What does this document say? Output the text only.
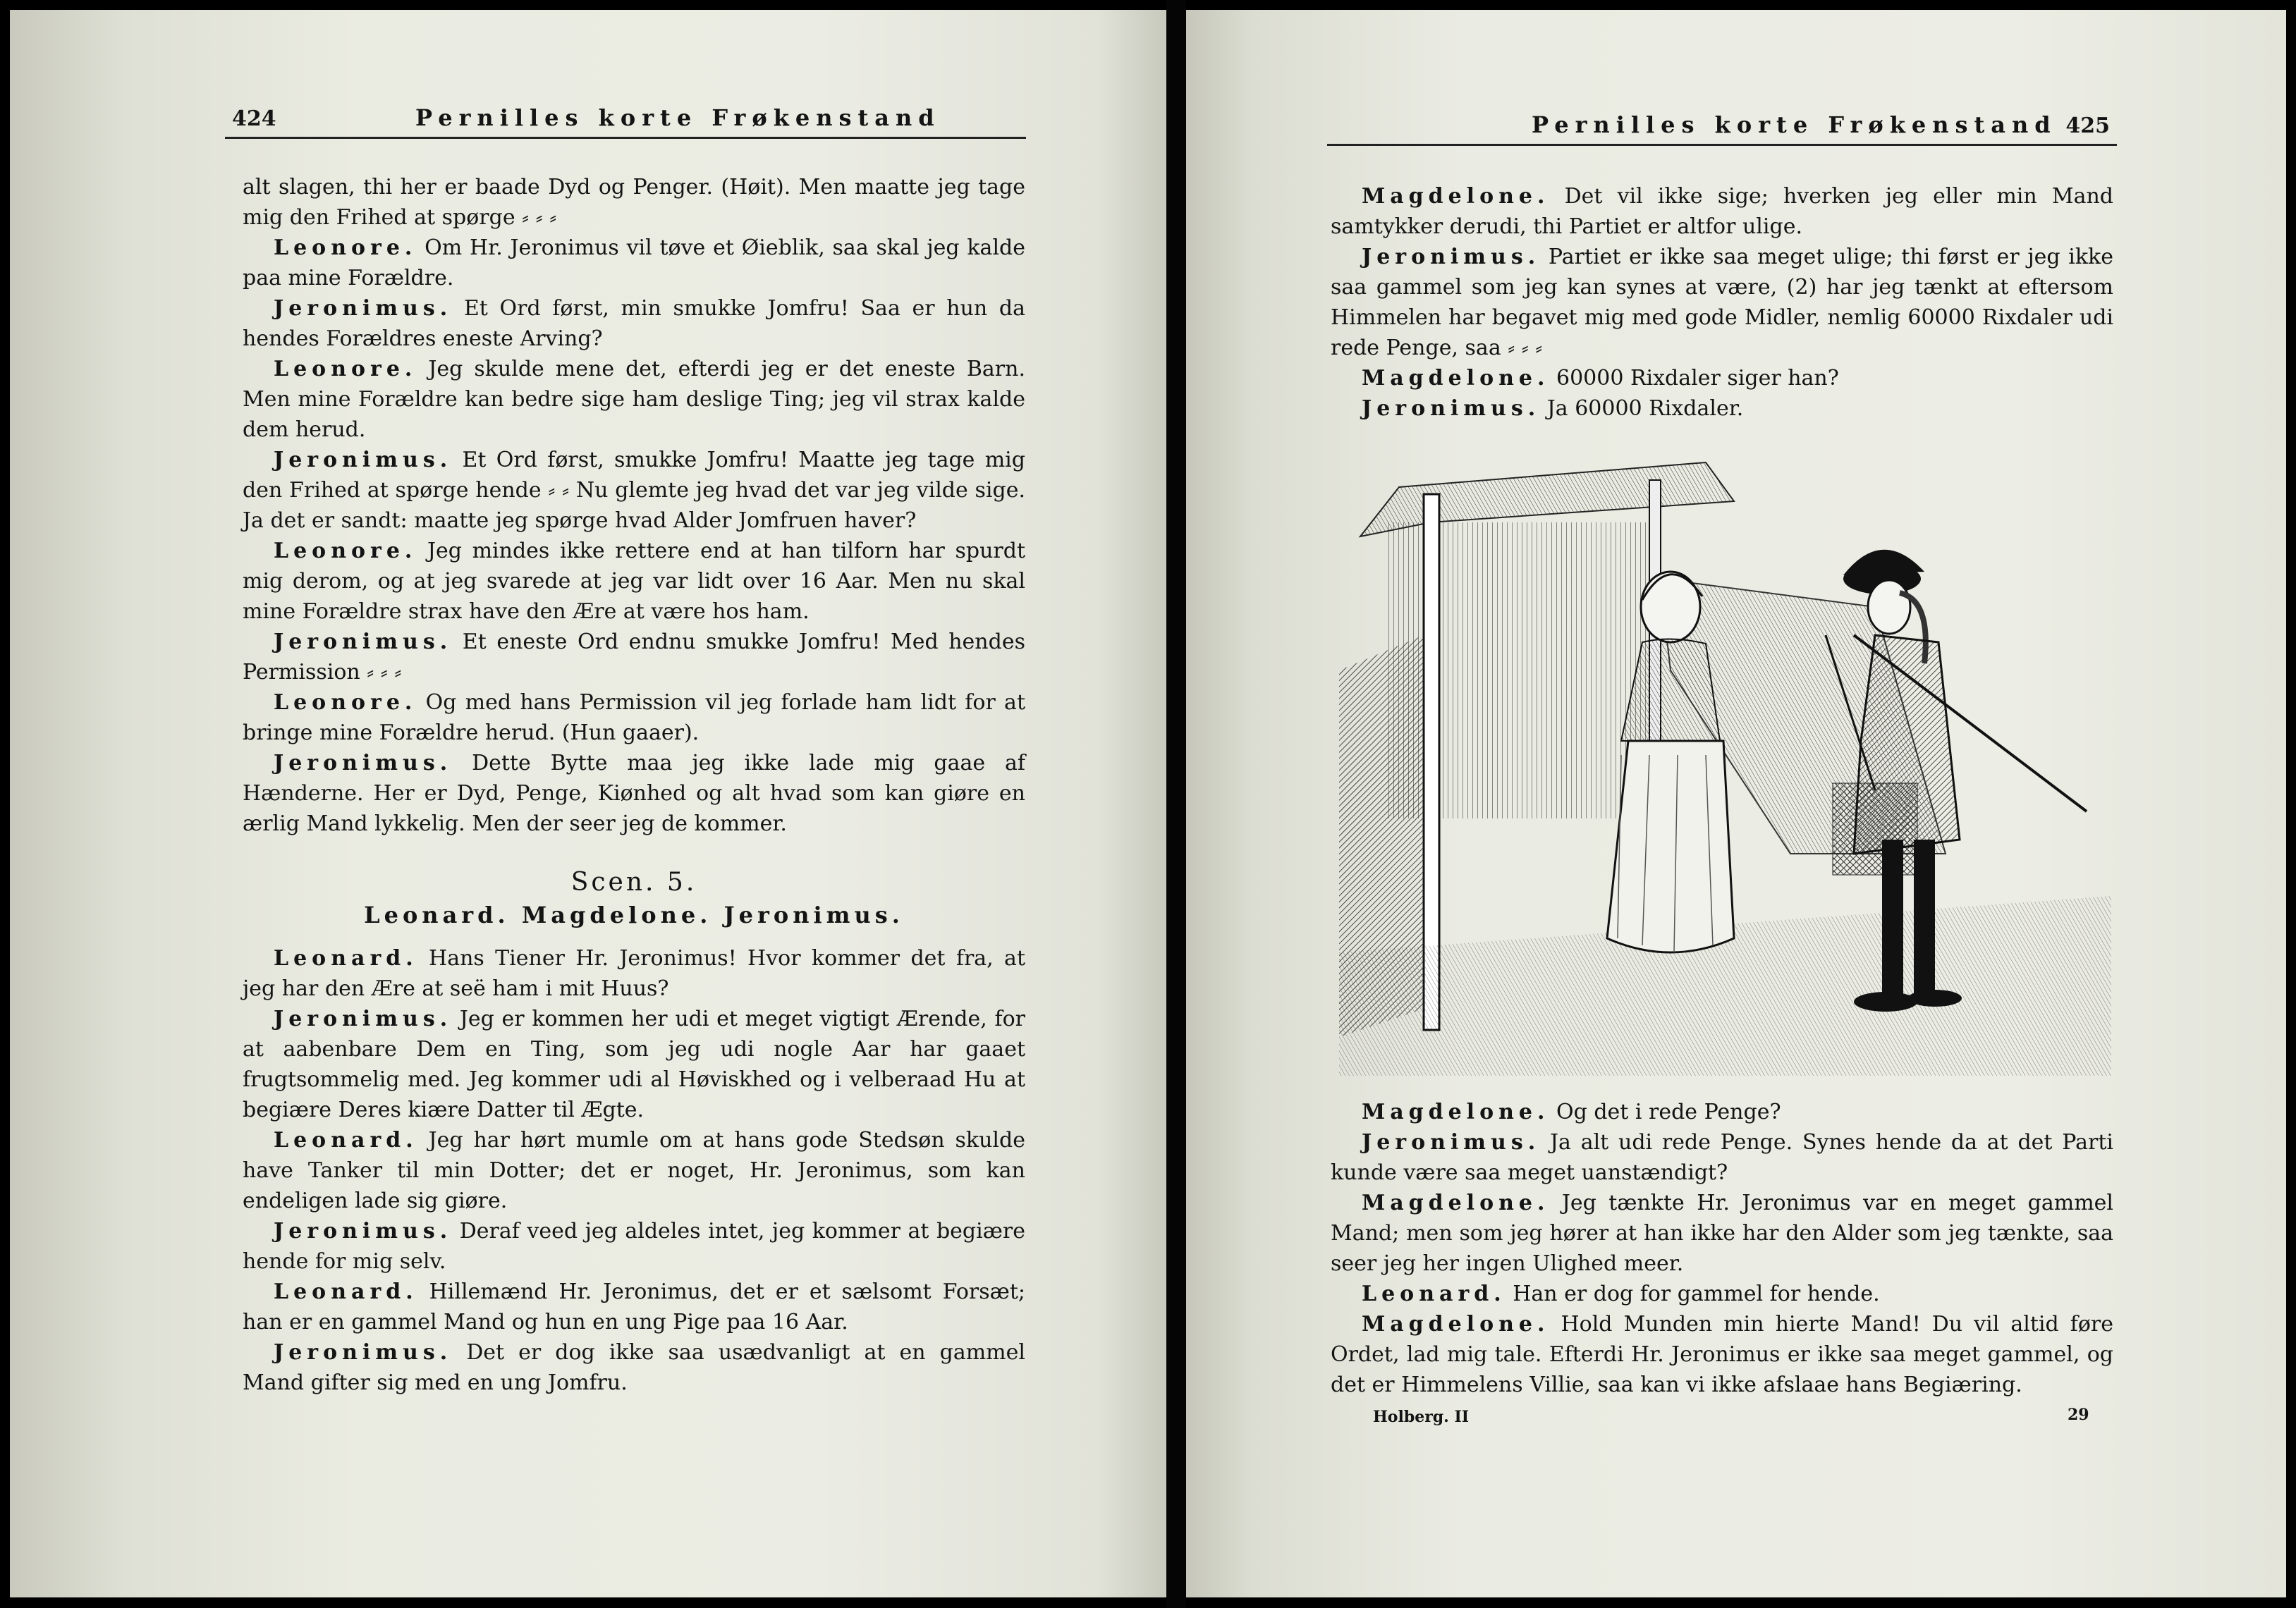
424	Pernilles korte Frøkenstand

alt slagen, thi her er baade Dyd og Penger. (Høit). Men maatte jeg tage mig den Frihed at spørge ⸗ ⸗ ⸗

Leonore. Om Hr. Jeronimus vil tøve et Øieblik, saa skal jeg kalde paa mine Forældre.

Jeronimus. Et Ord først, min smukke Jomfru! Saa er hun da hendes Forældres eneste Arving?

Leonore. Jeg skulde mene det, efterdi jeg er det eneste Barn. Men mine Forældre kan bedre sige ham deslige Ting; jeg vil strax kalde dem herud.

Jeronimus. Et Ord først, smukke Jomfru! Maatte jeg tage mig den Frihed at spørge hende ⸗ ⸗ Nu glemte jeg hvad det var jeg vilde sige. Ja det er sandt: maatte jeg spørge hvad Alder Jomfruen haver?

Leonore. Jeg mindes ikke rettere end at han tilforn har spurdt mig derom, og at jeg svarede at jeg var lidt over 16 Aar. Men nu skal mine Forældre strax have den Ære at være hos ham.

Jeronimus. Et eneste Ord endnu smukke Jomfru! Med hendes Permission ⸗ ⸗ ⸗

Leonore. Og med hans Permission vil jeg forlade ham lidt for at bringe mine Forældre herud. (Hun gaaer).

Jeronimus. Dette Bytte maa jeg ikke lade mig gaae af Hænderne. Her er Dyd, Penge, Kiønhed og alt hvad som kan giøre en ærlig Mand lykkelig. Men der seer jeg de kommer.

Scen. 5.
Leonard. Magdelone. Jeronimus.

Leonard. Hans Tiener Hr. Jeronimus! Hvor kommer det fra, at jeg har den Ære at seë ham i mit Huus?

Jeronimus. Jeg er kommen her udi et meget vigtigt Ærende, for at aabenbare Dem en Ting, som jeg udi nogle Aar har gaaet frugtsommelig med. Jeg kommer udi al Høviskhed og i velberaad Hu at begiære Deres kiære Datter til Ægte.

Leonard. Jeg har hørt mumle om at hans gode Stedsøn skulde have Tanker til min Dotter; det er noget, Hr. Jeronimus, som kan endeligen lade sig giøre.

Jeronimus. Deraf veed jeg aldeles intet, jeg kommer at begiære hende for mig selv.

Leonard. Hillemænd Hr. Jeronimus, det er et sælsomt Forsæt; han er en gammel Mand og hun en ung Pige paa 16 Aar.

Jeronimus. Det er dog ikke saa usædvanligt at en gammel Mand gifter sig med en ung Jomfru.

Pernilles korte Frøkenstand 425

Magdelone. Det vil ikke sige; hverken jeg eller min Mand samtykker derudi, thi Partiet er altfor ulige.

Jeronimus. Partiet er ikke saa meget ulige; thi først er jeg ikke saa gammel som jeg kan synes at være, (2) har jeg tænkt at eftersom Himmelen har begavet mig med gode Midler, nemlig 60000 Rixdaler udi rede Penge, saa ⸗ ⸗ ⸗

Magdelone. 60000 Rixdaler siger han?

Jeronimus. Ja 60000 Rixdaler.

Magdelone. Og det i rede Penge?

Jeronimus. Ja alt udi rede Penge. Synes hende da at det Parti kunde være saa meget uanstændigt?

Magdelone. Jeg tænkte Hr. Jeronimus var en meget gammel Mand; men som jeg hører at han ikke har den Alder som jeg tænkte, saa seer jeg her ingen Ulighed meer.

Leonard. Han er dog for gammel for hende.

Magdelone. Hold Munden min hierte Mand! Du vil altid føre Ordet, lad mig tale. Efterdi Hr. Jeronimus er ikke saa meget gammel, og det er Himmelens Villie, saa kan vi ikke afslaae hans Begiæring.

Holberg. II	29
